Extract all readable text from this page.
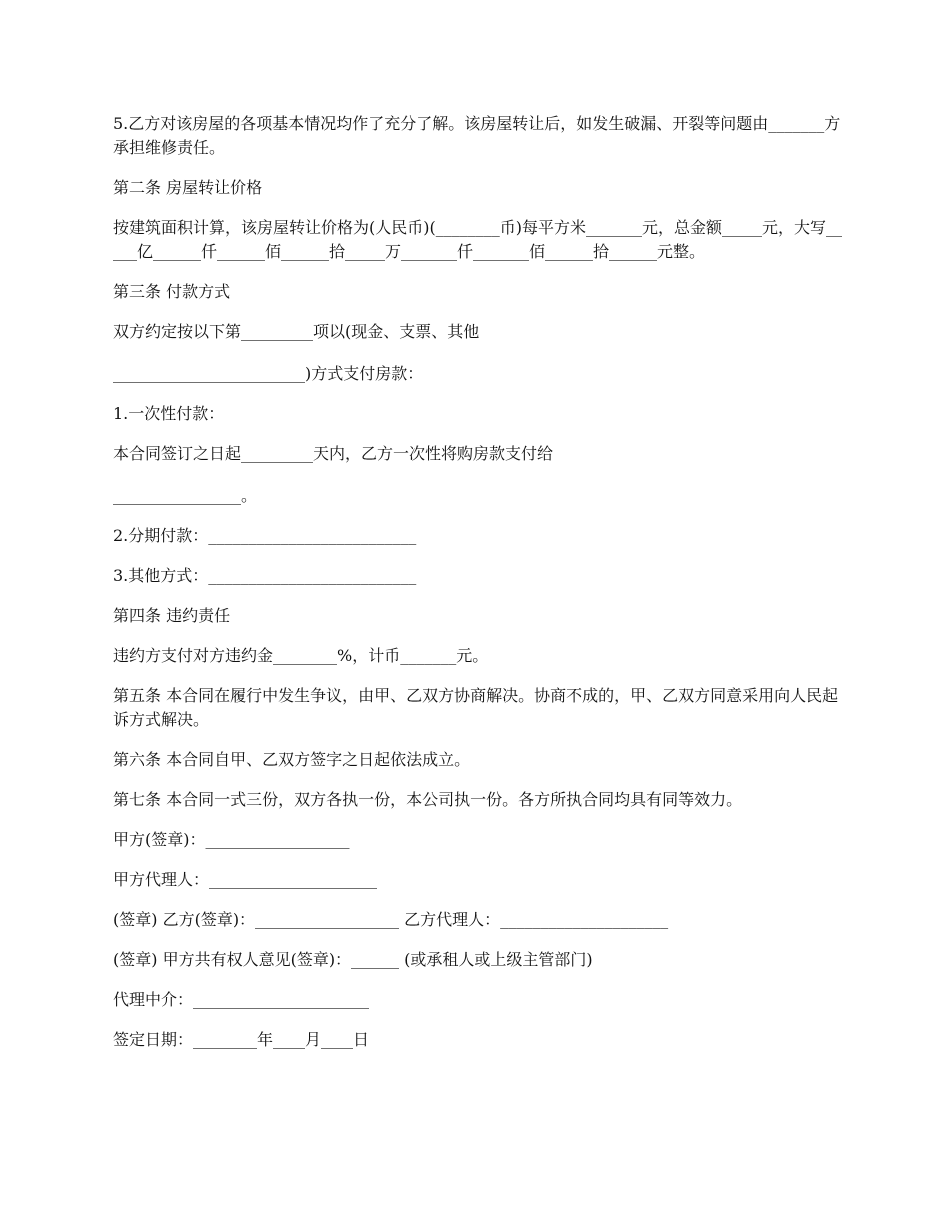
5.乙方对该房屋的各项基本情况均作了充分了解。该房屋转让后，如发生破漏、开裂等问题由_______方承担维修责任。

第二条 房屋转让价格

按建筑面积计算，该房屋转让价格为(人民币)(________币)每平方米_______元，总金额_____元，大写_____亿______仟______佰______拾_____万_______仟_______佰______拾______元整。

第三条 付款方式

双方约定按以下第_________项以(现金、支票、其他

________________________)方式支付房款：

1.一次性付款：

本合同签订之日起_________天内，乙方一次性将购房款支付给

________________。

2.分期付款：__________________________

3.其他方式：__________________________

第四条 违约责任

违约方支付对方违约金________%，计币_______元。

第五条 本合同在履行中发生争议，由甲、乙双方协商解决。协商不成的，甲、乙双方同意采用向人民起诉方式解决。

第六条 本合同自甲、乙双方签字之日起依法成立。

第七条 本合同一式三份，双方各执一份，本公司执一份。各方所执合同均具有同等效力。

甲方(签章)：__________________

甲方代理人：_____________________

(签章) 乙方(签章)：__________________ 乙方代理人：_____________________

(签章) 甲方共有权人意见(签章)：______ (或承租人或上级主管部门)

代理中介：______________________

签定日期：________年____月____日
